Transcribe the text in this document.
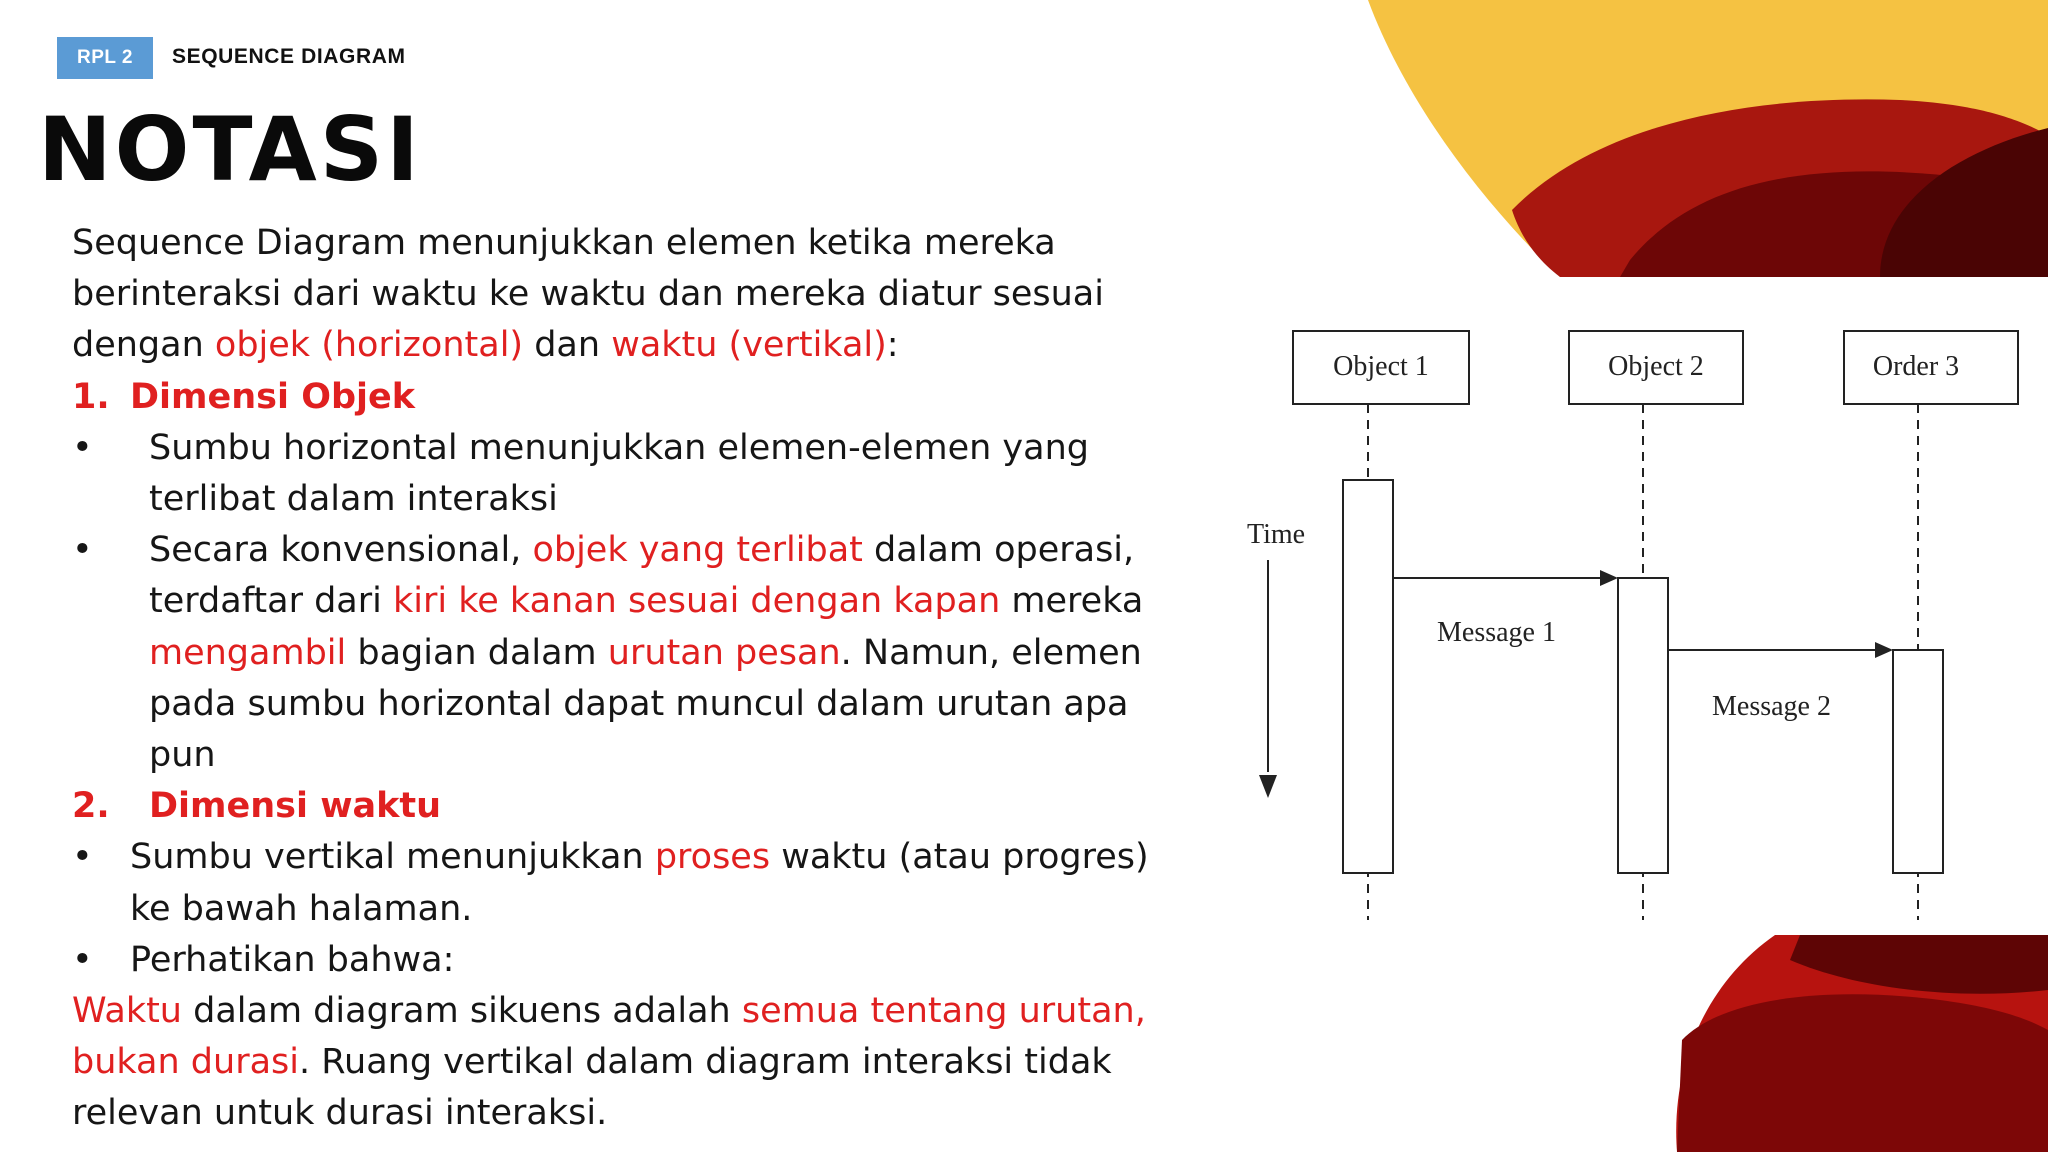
RPL 2	SEQUENCE DIAGRAM
NOTASI

Sequence Diagram menunjukkan elemen ketika mereka berinteraksi dari waktu ke waktu dan mereka diatur sesuai dengan objek (horizontal) dan waktu (vertikal):

1. Dimensi Objek
•	Sumbu horizontal menunjukkan elemen-elemen yang terlibat dalam interaksi
•	Secara konvensional, objek yang terlibat dalam operasi, terdaftar dari kiri ke kanan sesuai dengan kapan mereka mengambil bagian dalam urutan pesan. Namun, elemen pada sumbu horizontal dapat muncul dalam urutan apa pun
2.	Dimensi waktu
•	Sumbu vertikal menunjukkan proses waktu (atau progres) ke bawah halaman.
•	Perhatikan bahwa:

Waktu dalam diagram sikuens adalah semua tentang urutan, bukan durasi. Ruang vertikal dalam diagram interaksi tidak relevan untuk durasi interaksi.

Object 1	Object 2	Order 3
Message 1
Message 2
Time
